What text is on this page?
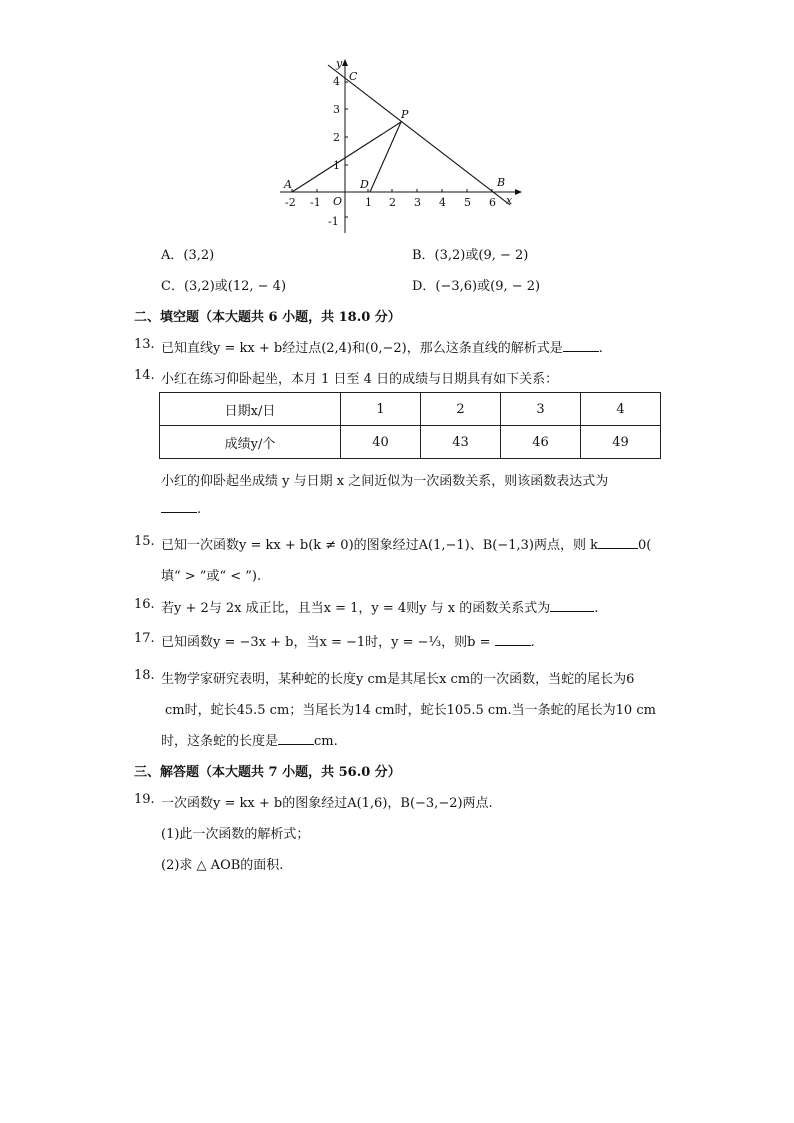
y
x
O
-2 -1	1 2 3 4 5 6
-1
1
2
3
4
A	B
C
D
P
A．(3,2)	B．(3,2)或(9, − 2)
C．(3,2)或(12, − 4)	D．(−3,6)或(9, − 2)
二、填空题（本大题共 6 小题，共 18.0 分）
13. 已知直线y = kx + b经过点(2,4)和(0,−2)，那么这条直线的解析式是	.
14. 小红在练习仰卧起坐，本月 1 日至 4 日的成绩与日期具有如下关系：
日期x/日	1	2	3	4
成绩y/个	40	43	46	49
小红的仰卧起坐成绩 y 与日期 x 之间近似为一次函数关系，则该函数表达式为
.
15. 已知一次函数y = kx + b(k ≠ 0)的图象经过A(1,−1)、B(−1,3)两点，则 k	0(
填“ > ”或“ < ”).
16. 若y + 2与 2x 成正比，且当x = 1，y = 4则y 与 x 的函数关系式为	.
17. 已知函数y = −3x + b，当x = −1时，y = −⅓，则b =	.
18. 生物学家研究表明，某种蛇的长度y cm是其尾长x cm的一次函数，当蛇的尾长为6
cm时，蛇长45.5 cm；当尾长为14 cm时，蛇长105.5 cm.当一条蛇的尾长为10 cm
时，这条蛇的长度是	cm.
三、解答题（本大题共 7 小题，共 56.0 分）
19. 一次函数y = kx + b的图象经过A(1,6)，B(−3,−2)两点.
(1)此一次函数的解析式；
(2)求 △ AOB的面积.
